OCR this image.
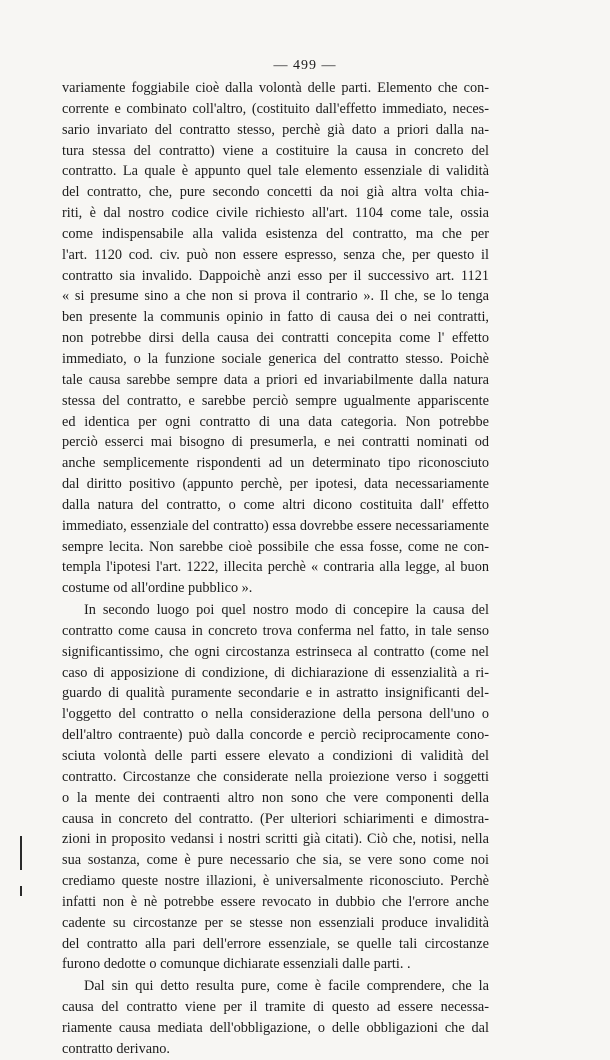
— 499 —
variamente foggiabile cioè dalla volontà delle parti. Elemento che con-
corrente e combinato coll'altro, (costituito dall'effetto immediato, neces-
sario invariato del contratto stesso, perchè già dato a priori dalla na-
tura stessa del contratto) viene a costituire la causa in concreto del
contratto. La quale è appunto quel tale elemento essenziale di validità
del contratto, che, pure secondo concetti da noi già altra volta chia-
riti, è dal nostro codice civile richiesto all'art. 1104 come tale, ossia
come indispensabile alla valida esistenza del contratto, ma che per
l'art. 1120 cod. civ. può non essere espresso, senza che, per questo il
contratto sia invalido. Dappoichè anzi esso per il successivo art. 1121
« si presume sino a che non si prova il contrario ». Il che, se lo tenga
ben presente la communis opinio in fatto di causa dei o nei contratti,
non potrebbe dirsi della causa dei contratti concepita come l' effetto
immediato, o la funzione sociale generica del contratto stesso. Poichè
tale causa sarebbe sempre data a priori ed invariabilmente dalla natura
stessa del contratto, e sarebbe perciò sempre ugualmente appariscente
ed identica per ogni contratto di una data categoria. Non potrebbe
perciò esserci mai bisogno di presumerla, e nei contratti nominati od
anche semplicemente rispondenti ad un determinato tipo riconosciuto
dal diritto positivo (appunto perchè, per ipotesi, data necessariamente
dalla natura del contratto, o come altri dicono costituita dall' effetto
immediato, essenziale del contratto) essa dovrebbe essere necessariamente
sempre lecita. Non sarebbe cioè possibile che essa fosse, come ne con-
templa l'ipotesi l'art. 1222, illecita perchè « contraria alla legge, al buon
costume od all'ordine pubblico ».
In secondo luogo poi quel nostro modo di concepire la causa del
contratto come causa in concreto trova conferma nel fatto, in tale senso
significantissimo, che ogni circostanza estrinseca al contratto (come nel
caso di apposizione di condizione, di dichiarazione di essenzialità a ri-
guardo di qualità puramente secondarie e in astratto insignificanti del-
l'oggetto del contratto o nella considerazione della persona dell'uno o
dell'altro contraente) può dalla concorde e perciò reciprocamente cono-
sciuta volontà delle parti essere elevato a condizioni di validità del
contratto. Circostanze che considerate nella proiezione verso i soggetti
o la mente dei contraenti altro non sono che vere componenti della
causa in concreto del contratto. (Per ulteriori schiarimenti e dimostra-
zioni in proposito vedansi i nostri scritti già citati). Ciò che, notisi, nella
sua sostanza, come è pure necessario che sia, se vere sono come noi
crediamo queste nostre illazioni, è universalmente riconosciuto. Perchè
infatti non è nè potrebbe essere revocato in dubbio che l'errore anche
cadente su circostanze per se stesse non essenziali produce invalidità
del contratto alla pari dell'errore essenziale, se quelle tali circostanze
furono dedotte o comunque dichiarate essenziali dalle parti. .
Dal sin qui detto resulta pure, come è facile comprendere, che la
causa del contratto viene per il tramite di questo ad essere necessa-
riamente causa mediata dell'obbligazione, o delle obbligazioni che dal
contratto derivano.
